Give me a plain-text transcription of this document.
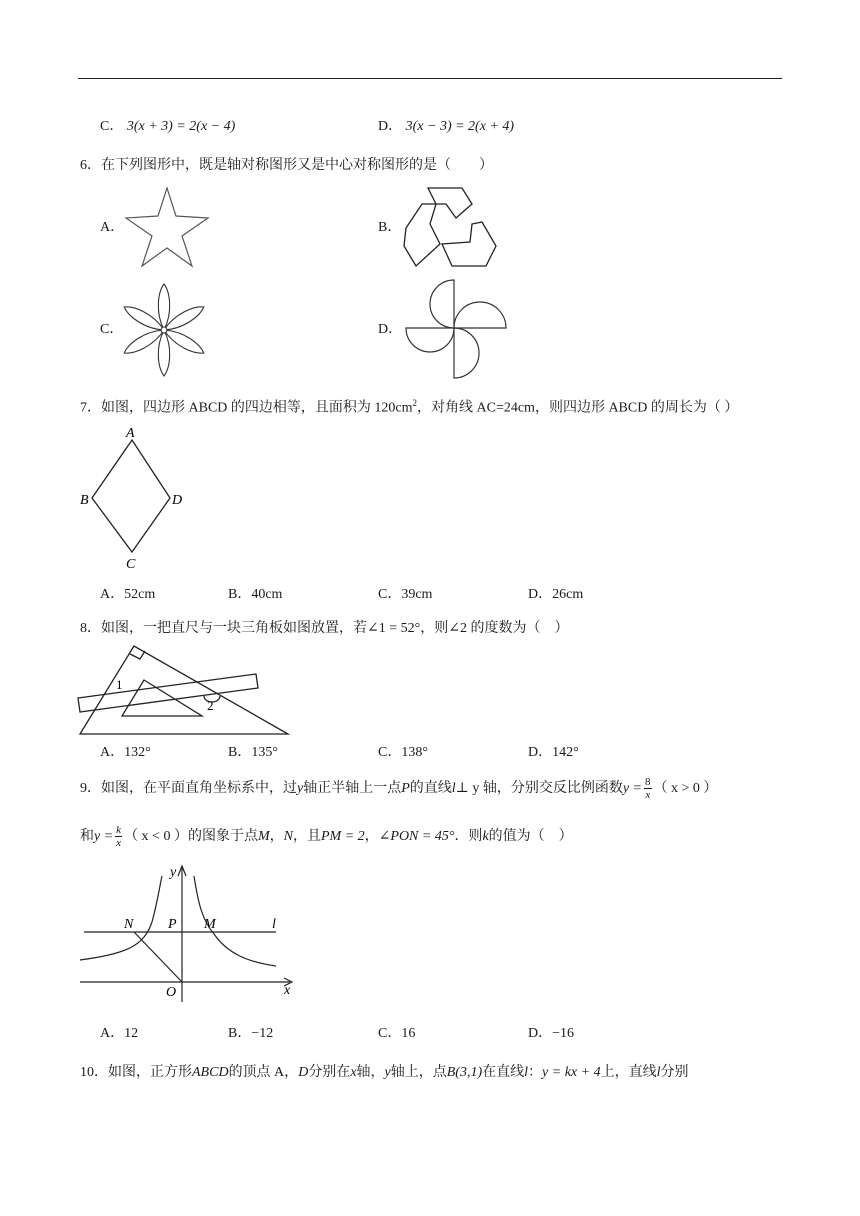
C． 3(x + 3) = 2(x − 4)	D． 3(x − 3) = 2(x + 4)
6．在下列图形中，既是轴对称图形又是中心对称图形的是（　　）
A．	B．
C．	D．
7．如图，四边形 ABCD 的四边相等，且面积为 $120cm^2$，对角线 AC=24cm，则四边形 ABCD 的周长为（ ）
A
B
C
D
A．52cm	B．40cm	C．39cm	D．26cm
8．如图，一把直尺与一块三角板如图放置，若∠1 = 52°，则∠2 的度数为（　）
1
2
A．132°	B．135°	C．138°	D．142°
9．如图，在平面直角坐标系中，过y轴正半轴上一点P的直线l⊥ y 轴，分别交反比例函数$y = \frac{8}{x}$ （ x > 0 ）
和$y = \frac{k}{x}$ （ x < 0 ）的图象于点M，N，且PM = 2，∠PON = 45°．则k的值为（　）
y
x
N P M	l
O
A．12	B．−12	C．16	D．−16
10．如图，正方形ABCD的顶点 A，D分别在x轴，y轴上，点B(3,1)在直线l：y = kx + 4上，直线l分别
